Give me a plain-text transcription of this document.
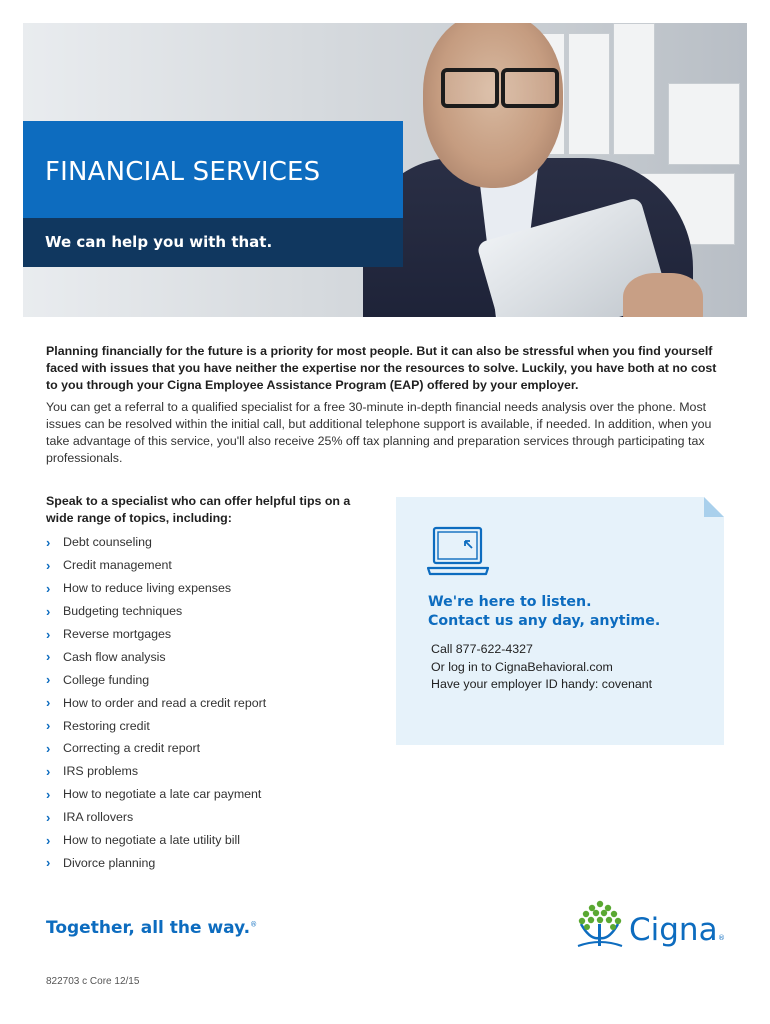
FINANCIAL SERVICES

We can help you with that.

Planning financially for the future is a priority for most people. But it can also be stressful when you find yourself faced with issues that you have neither the expertise nor the resources to solve. Luckily, you have both at no cost to you through your Cigna Employee Assistance Program (EAP) offered by your employer.
You can get a referral to a qualified specialist for a free 30-minute in-depth financial needs analysis over the phone. Most issues can be resolved within the initial call, but additional telephone support is available, if needed. In addition, when you take advantage of this service, you'll also receive 25% off tax planning and preparation services through participating tax professionals.
Speak to a specialist who can offer helpful tips on a wide range of topics, including:
›	Debt counseling
›	Credit management
›	How to reduce living expenses
›	Budgeting techniques
›	Reverse mortgages
›	Cash flow analysis
›	College funding
›	How to order and read a credit report
›	Restoring credit
›	Correcting a credit report
›	IRS problems
›	How to negotiate a late car payment
›	IRA rollovers
›	How to negotiate a late utility bill
›	Divorce planning
We're here to listen.
Contact us any day, anytime.
Call 877-622-4327
Or log in to CignaBehavioral.com
Have your employer ID handy: covenant
Together, all the way.®	Cigna ®
822703 c Core 12/15
